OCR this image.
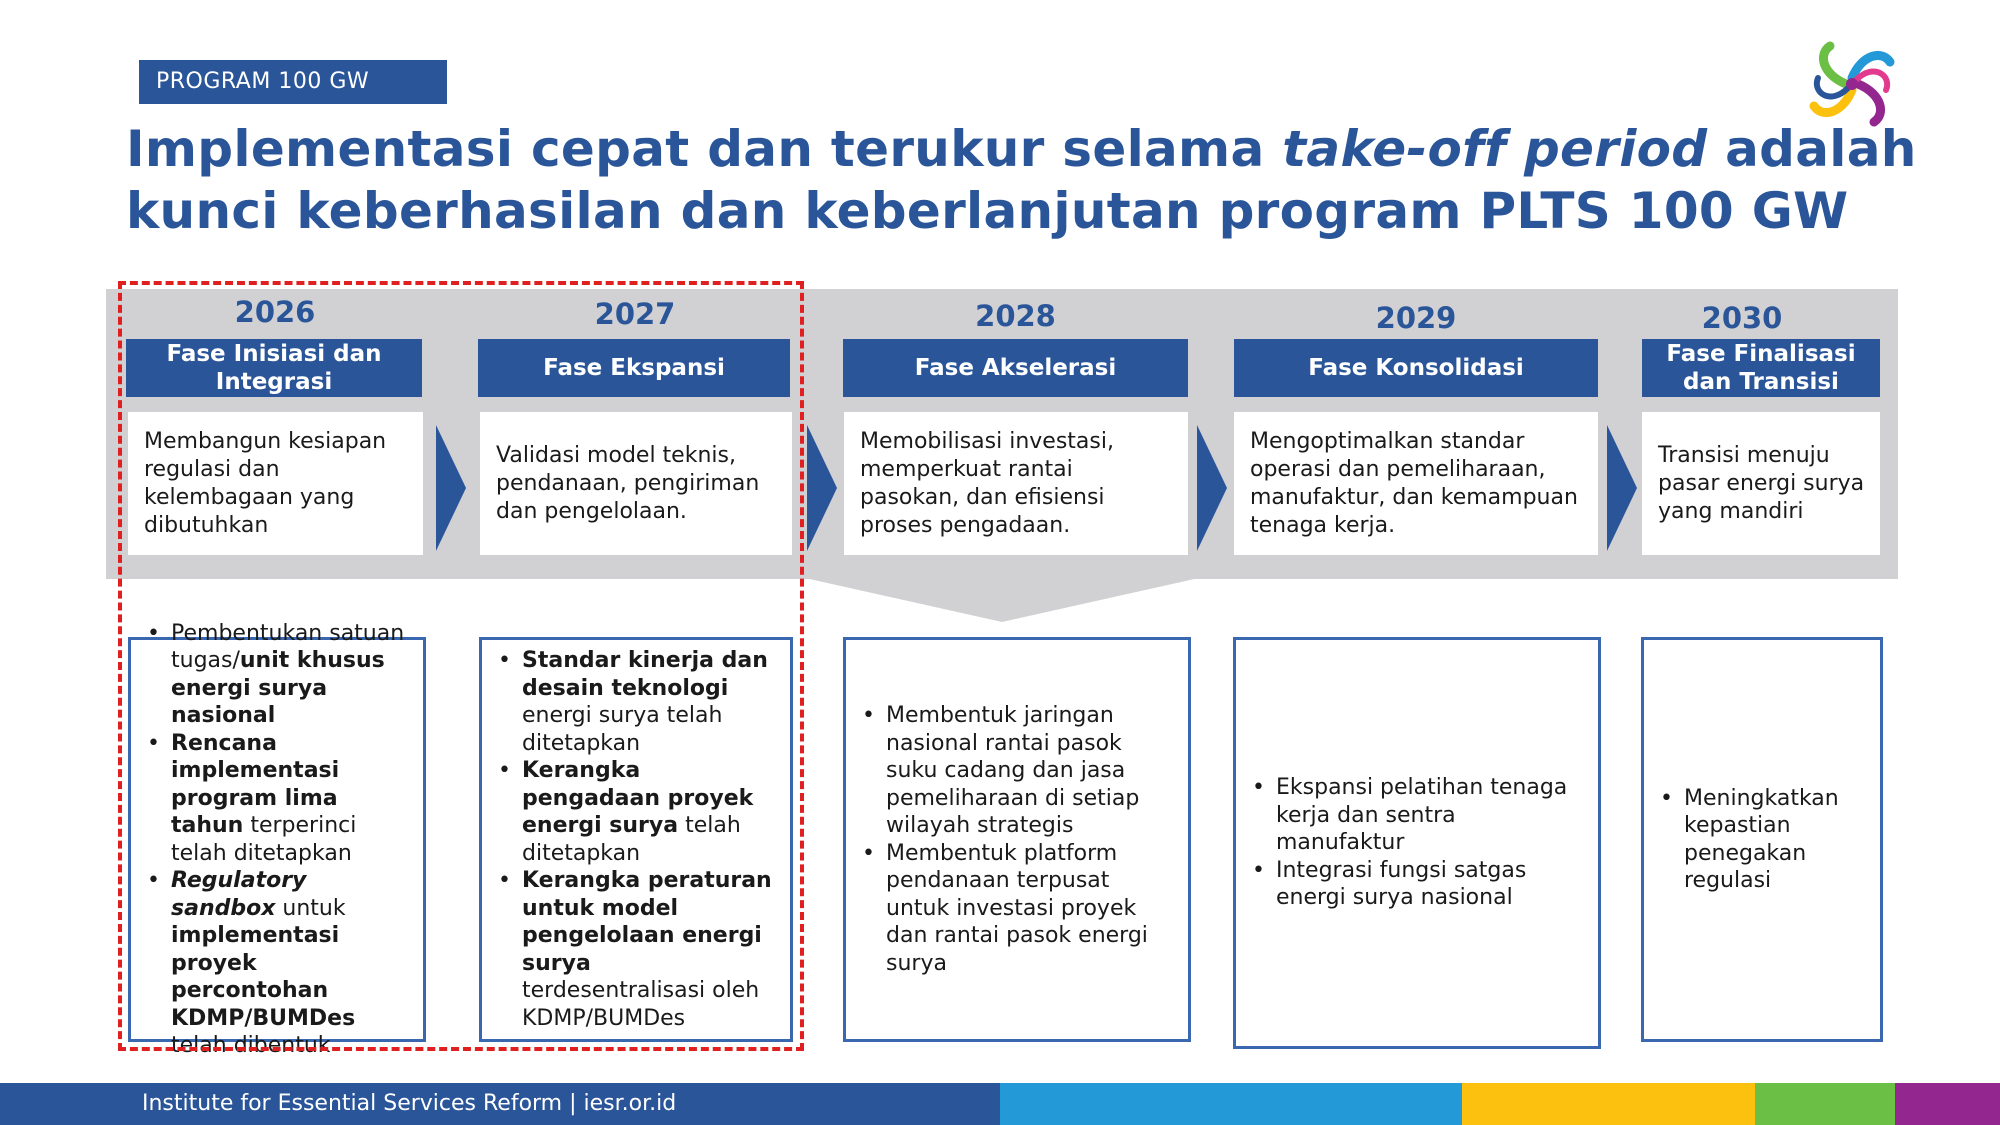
PROGRAM 100 GW
Implementasi cepat dan terukur selama take-off period adalah kunci keberhasilan dan keberlanjutan program PLTS 100 GW
2026
Fase Inisiasi dan Integrasi
Membangun kesiapan regulasi dan kelembagaan yang dibutuhkan
2027
Fase Ekspansi
Validasi model teknis, pendanaan, pengiriman dan pengelolaan.
2028
Fase Akselerasi
Memobilisasi investasi, memperkuat rantai pasokan, dan efisiensi proses pengadaan.
2029
Fase Konsolidasi
Mengoptimalkan standar operasi dan pemeliharaan, manufaktur, dan kemampuan tenaga kerja.
2030
Fase Finalisasi dan Transisi
Transisi menuju pasar energi surya yang mandiri
• Pembentukan satuan tugas/unit khusus energi surya nasional
• Rencana implementasi program lima tahun terperinci telah ditetapkan
• Regulatory sandbox untuk implementasi proyek percontohan KDMP/BUMDes telah dibentuk
• Standar kinerja dan desain teknologi energi surya telah ditetapkan
• Kerangka pengadaan proyek energi surya telah ditetapkan
• Kerangka peraturan untuk model pengelolaan energi surya terdesentralisasi oleh KDMP/BUMDes
• Membentuk jaringan nasional rantai pasok suku cadang dan jasa pemeliharaan di setiap wilayah strategis
• Membentuk platform pendanaan terpusat untuk investasi proyek dan rantai pasok energi surya
• Ekspansi pelatihan tenaga kerja dan sentra manufaktur
• Integrasi fungsi satgas energi surya nasional
• Meningkatkan kepastian penegakan regulasi
Institute for Essential Services Reform | iesr.or.id
